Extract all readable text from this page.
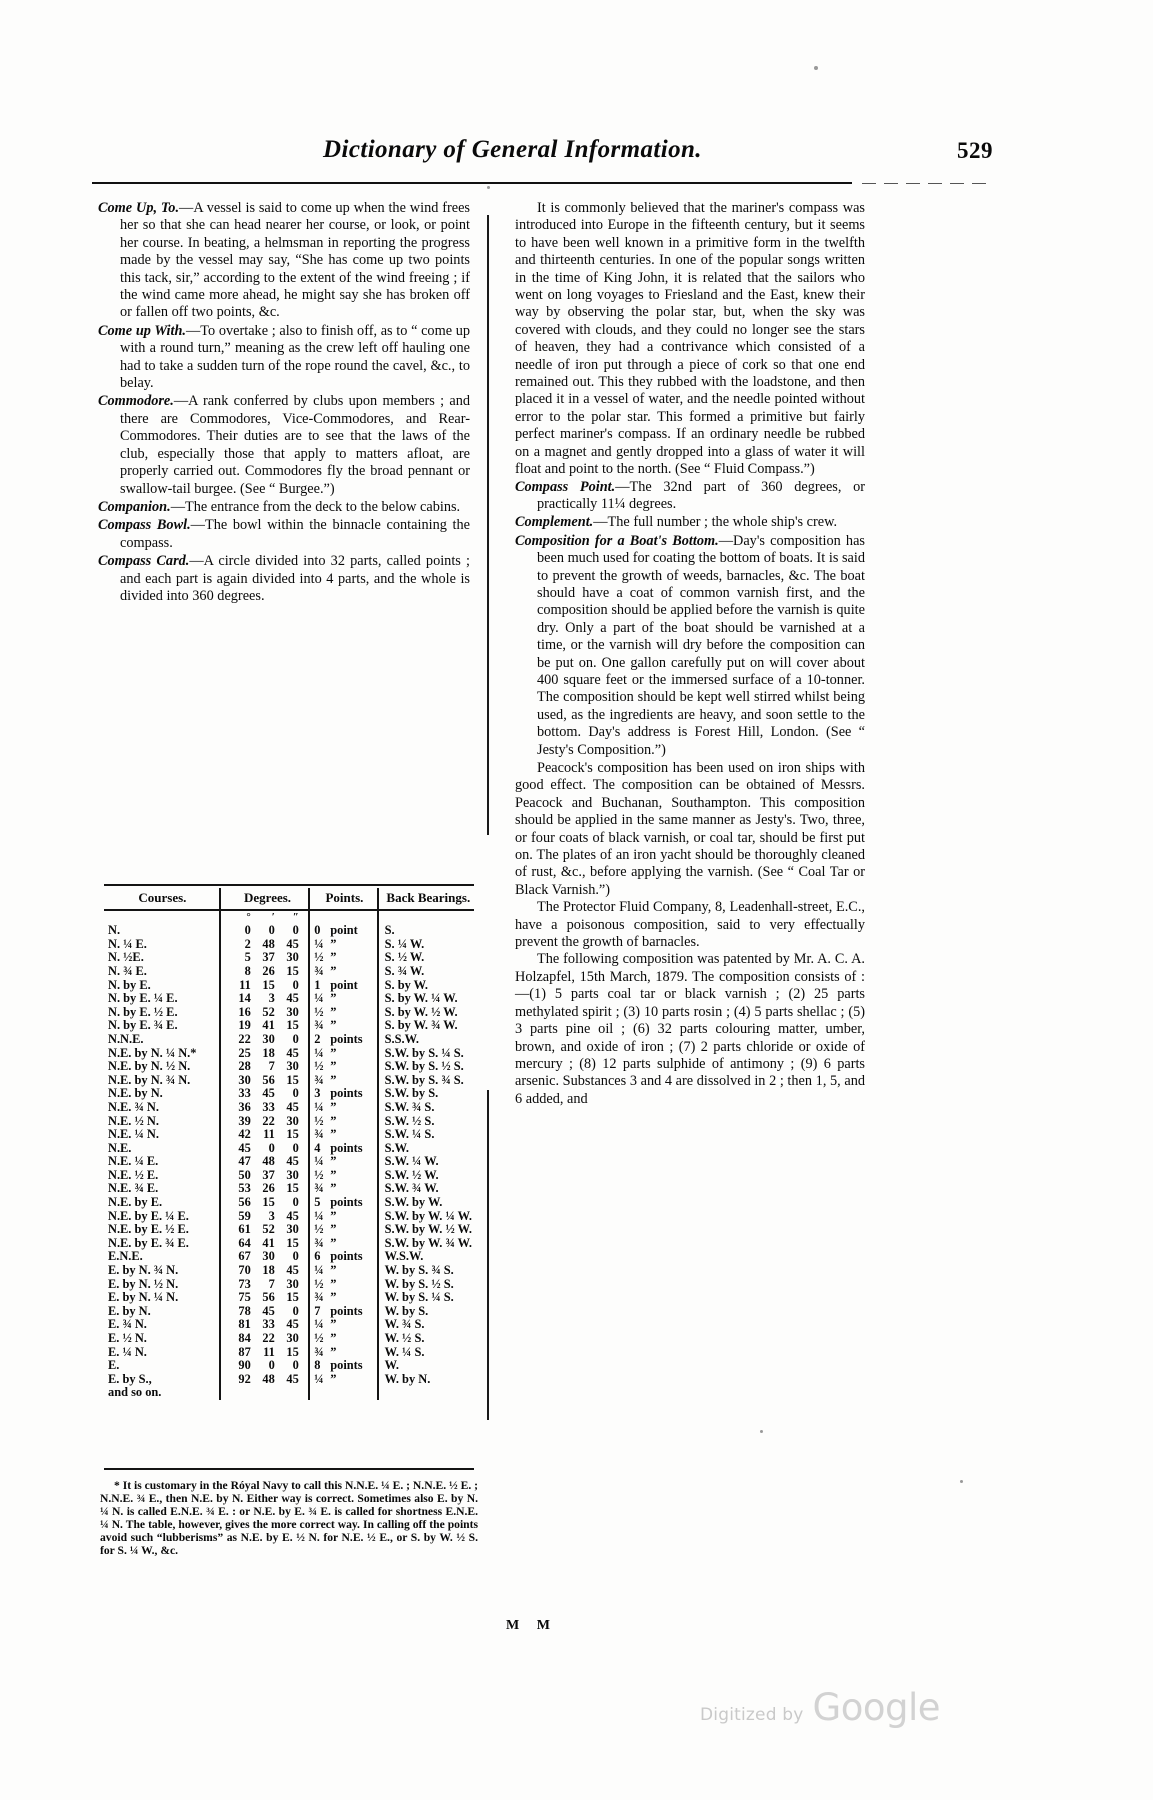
Dictionary of General Information.	529
Come Up, To.—A vessel is said to come up when the wind frees her so that she can head nearer her course, or look, or point her course. In beating, a helmsman in reporting the progress made by the vessel may say, “She has come up two points this tack, sir,” according to the extent of the wind freeing ; if the wind came more ahead, he might say she has broken off or fallen off two points, &c.
Come up With.—To overtake ; also to finish off, as to “ come up with a round turn,” meaning as the crew left off hauling one had to take a sudden turn of the rope round the cavel, &c., to belay.
Commodore.—A rank conferred by clubs upon members ; and there are Commodores, Vice-Commodores, and Rear-Commodores. Their duties are to see that the laws of the club, especially those that apply to matters afloat, are properly carried out. Commodores fly the broad pennant or swallow-tail burgee. (See “ Burgee.”)
Companion.—The entrance from the deck to the below cabins.
Compass Bowl.—The bowl within the binnacle containing the compass.
Compass Card.—A circle divided into 32 parts, called points ; and each part is again divided into 4 parts, and the whole is divided into 360 degrees.
Courses.	Degrees.	Points.	Back Bearings.
	° ′ ″		
N.	0 0 0	0point	S.
N. ¼ E.	2 48 45	¼”	S. ¼ W.
N. ½E.	5 37 30	½”	S. ½ W.
N. ¾ E.	8 26 15	¾”	S. ¾ W.
N. by E.	11 15 0	1point	S. by W.
N. by E. ¼ E.	14 3 45	¼”	S. by W. ¼ W.
N. by E. ½ E.	16 52 30	½”	S. by W. ½ W.
N. by E. ¾ E.	19 41 15	¾”	S. by W. ¾ W.
N.N.E.	22 30 0	2points	S.S.W.
N.E. by N. ¼ N.*	25 18 45	¼”	S.W. by S. ¼ S.
N.E. by N. ½ N.	28 7 30	½”	S.W. by S. ½ S.
N.E. by N. ¾ N.	30 56 15	¾”	S.W. by S. ¾ S.
N.E. by N.	33 45 0	3points	S.W. by S.
N.E. ¾ N.	36 33 45	¼”	S.W. ¾ S.
N.E. ½ N.	39 22 30	½”	S.W. ½ S.
N.E. ¼ N.	42 11 15	¾”	S.W. ¼ S.
N.E.	45 0 0	4points	S.W.
N.E. ¼ E.	47 48 45	¼”	S.W. ¼ W.
N.E. ½ E.	50 37 30	½”	S.W. ½ W.
N.E. ¾ E.	53 26 15	¾”	S.W. ¾ W.
N.E. by E.	56 15 0	5points	S.W. by W.
N.E. by E. ¼ E.	59 3 45	¼”	S.W. by W. ¼ W.
N.E. by E. ½ E.	61 52 30	½”	S.W. by W. ½ W.
N.E. by E. ¾ E.	64 41 15	¾”	S.W. by W. ¾ W.
E.N.E.	67 30 0	6points	W.S.W.
E. by N. ¾ N.	70 18 45	¼”	W. by S. ¾ S.
E. by N. ½ N.	73 7 30	½”	W. by S. ½ S.
E. by N. ¼ N.	75 56 15	¾”	W. by S. ¼ S.
E. by N.	78 45 0	7points	W. by S.
E. ¾ N.	81 33 45	¼”	W. ¾ S.
E. ½ N.	84 22 30	½”	W. ½ S.
E. ¼ N.	87 11 15	¾”	W. ¼ S.
E.	90 0 0	8points	W.
E. by S.,	92 48 45	¼”	W. by N.
and so on.			

* It is customary in the Róyal Navy to call this N.N.E. ¼ E. ; N.N.E. ½ E. ; N.N.E. ¾ E., then N.E. by N. Either way is correct. Sometimes also E. by N. ¼ N. is called E.N.E. ¾ E. : or N.E. by E. ¾ E. is called for shortness E.N.E. ¼ N. The table, however, gives the more correct way. In calling off the points avoid such “lubberisms” as N.E. by E. ½ N. for N.E. ½ E., or S. by W. ½ S. for S. ¼ W., &c.

It is commonly believed that the mariner's compass was introduced into Europe in the fifteenth century, but it seems to have been well known in a primitive form in the twelfth and thirteenth centuries. In one of the popular songs written in the time of King John, it is related that the sailors who went on long voyages to Friesland and the East, knew their way by observing the polar star, but, when the sky was covered with clouds, and they could no longer see the stars of heaven, they had a contrivance which consisted of a needle of iron put through a piece of cork so that one end remained out. This they rubbed with the loadstone, and then placed it in a vessel of water, and the needle pointed without error to the polar star. This formed a primitive but fairly perfect mariner's compass. If an ordinary needle be rubbed on a magnet and gently dropped into a glass of water it will float and point to the north. (See “ Fluid Compass.”)

Compass Point.—The 32nd part of 360 degrees, or practically 11¼ degrees.
Complement.—The full number ; the whole ship's crew.
Composition for a Boat's Bottom.—Day's composition has been much used for coating the bottom of boats. It is said to prevent the growth of weeds, barnacles, &c. The boat should have a coat of common varnish first, and the composition should be applied before the varnish is quite dry. Only a part of the boat should be varnished at a time, or the varnish will dry before the composition can be put on. One gallon carefully put on will cover about 400 square feet or the immersed surface of a 10-tonner. The composition should be kept well stirred whilst being used, as the ingredients are heavy, and soon settle to the bottom. Day's address is Forest Hill, London. (See “ Jesty's Composition.”)

Peacock's composition has been used on iron ships with good effect. The composition can be obtained of Messrs. Peacock and Buchanan, Southampton. This composition should be applied in the same manner as Jesty's. Two, three, or four coats of black varnish, or coal tar, should be first put on. The plates of an iron yacht should be thoroughly cleaned of rust, &c., before applying the varnish. (See “ Coal Tar or Black Varnish.”)

The Protector Fluid Company, 8, Leadenhall-street, E.C., have a poisonous composition, said to very effectually prevent the growth of barnacles.

The following composition was patented by Mr. A. C. A. Holzapfel, 15th March, 1879. The composition consists of :—(1) 5 parts coal tar or black varnish ; (2) 25 parts methylated spirit ; (3) 10 parts rosin ; (4) 5 parts shellac ; (5) 3 parts pine oil ; (6) 32 parts colouring matter, umber, brown, and oxide of iron ; (7) 2 parts chloride or oxide of mercury ; (8) 12 parts sulphide of antimony ; (9) 6 parts arsenic. Substances 3 and 4 are dissolved in 2 ; then 1, 5, and 6 added, and

M M
Digitized by Google
